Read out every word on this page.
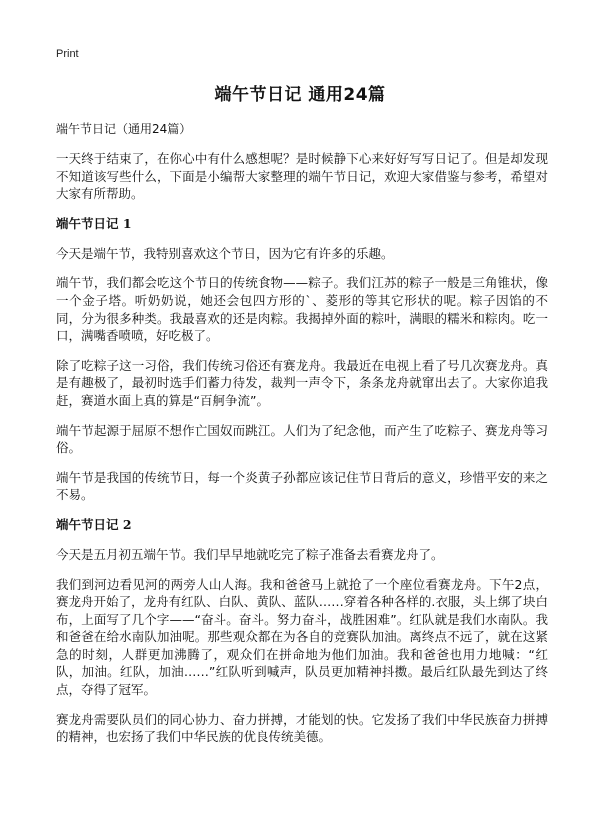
Print
端午节日记 通用24篇
端午节日记（通用24篇）

一天终于结束了，在你心中有什么感想呢？是时候静下心来好好写写日记了。但是却发现不知道该写些什么，下面是小编帮大家整理的端午节日记，欢迎大家借鉴与参考，希望对大家有所帮助。

端午节日记 1

今天是端午节，我特别喜欢这个节日，因为它有许多的乐趣。

端午节，我们都会吃这个节日的传统食物——粽子。我们江苏的粽子一般是三角锥状，像一个金子塔。听奶奶说，她还会包四方形的`、菱形的等其它形状的呢。粽子因馅的不同，分为很多种类。我最喜欢的还是肉粽。我揭掉外面的粽叶，满眼的糯米和粽肉。吃一口，满嘴香喷喷，好吃极了。

除了吃粽子这一习俗，我们传统习俗还有赛龙舟。我最近在电视上看了号几次赛龙舟。真是有趣极了，最初时选手们蓄力待发，裁判一声令下，条条龙舟就窜出去了。大家你追我赶，赛道水面上真的算是“百舸争流”。

端午节起源于屈原不想作亡国奴而跳江。人们为了纪念他，而产生了吃粽子、赛龙舟等习俗。

端午节是我国的传统节日，每一个炎黄子孙都应该记住节日背后的意义，珍惜平安的来之不易。

端午节日记 2

今天是五月初五端午节。我们早早地就吃完了粽子准备去看赛龙舟了。

我们到河边看见河的两旁人山人海。我和爸爸马上就抢了一个座位看赛龙舟。下午2点，赛龙舟开始了，龙舟有红队、白队、黄队、蓝队……穿着各种各样的.衣服，头上绑了块白布，上面写了几个字——“奋斗。奋斗。努力奋斗，战胜困难”。红队就是我们水南队。我和爸爸在给水南队加油呢。那些观众都在为各自的竞赛队加油。离终点不远了，就在这紧急的时刻，人群更加沸腾了，观众们在拼命地为他们加油。我和爸爸也用力地喊：“红队，加油。红队，加油……”红队听到喊声，队员更加精神抖擞。最后红队最先到达了终点，夺得了冠军。

赛龙舟需要队员们的同心协力、奋力拼搏，才能划的快。它发扬了我们中华民族奋力拼搏的精神，也宏扬了我们中华民族的优良传统美德。
